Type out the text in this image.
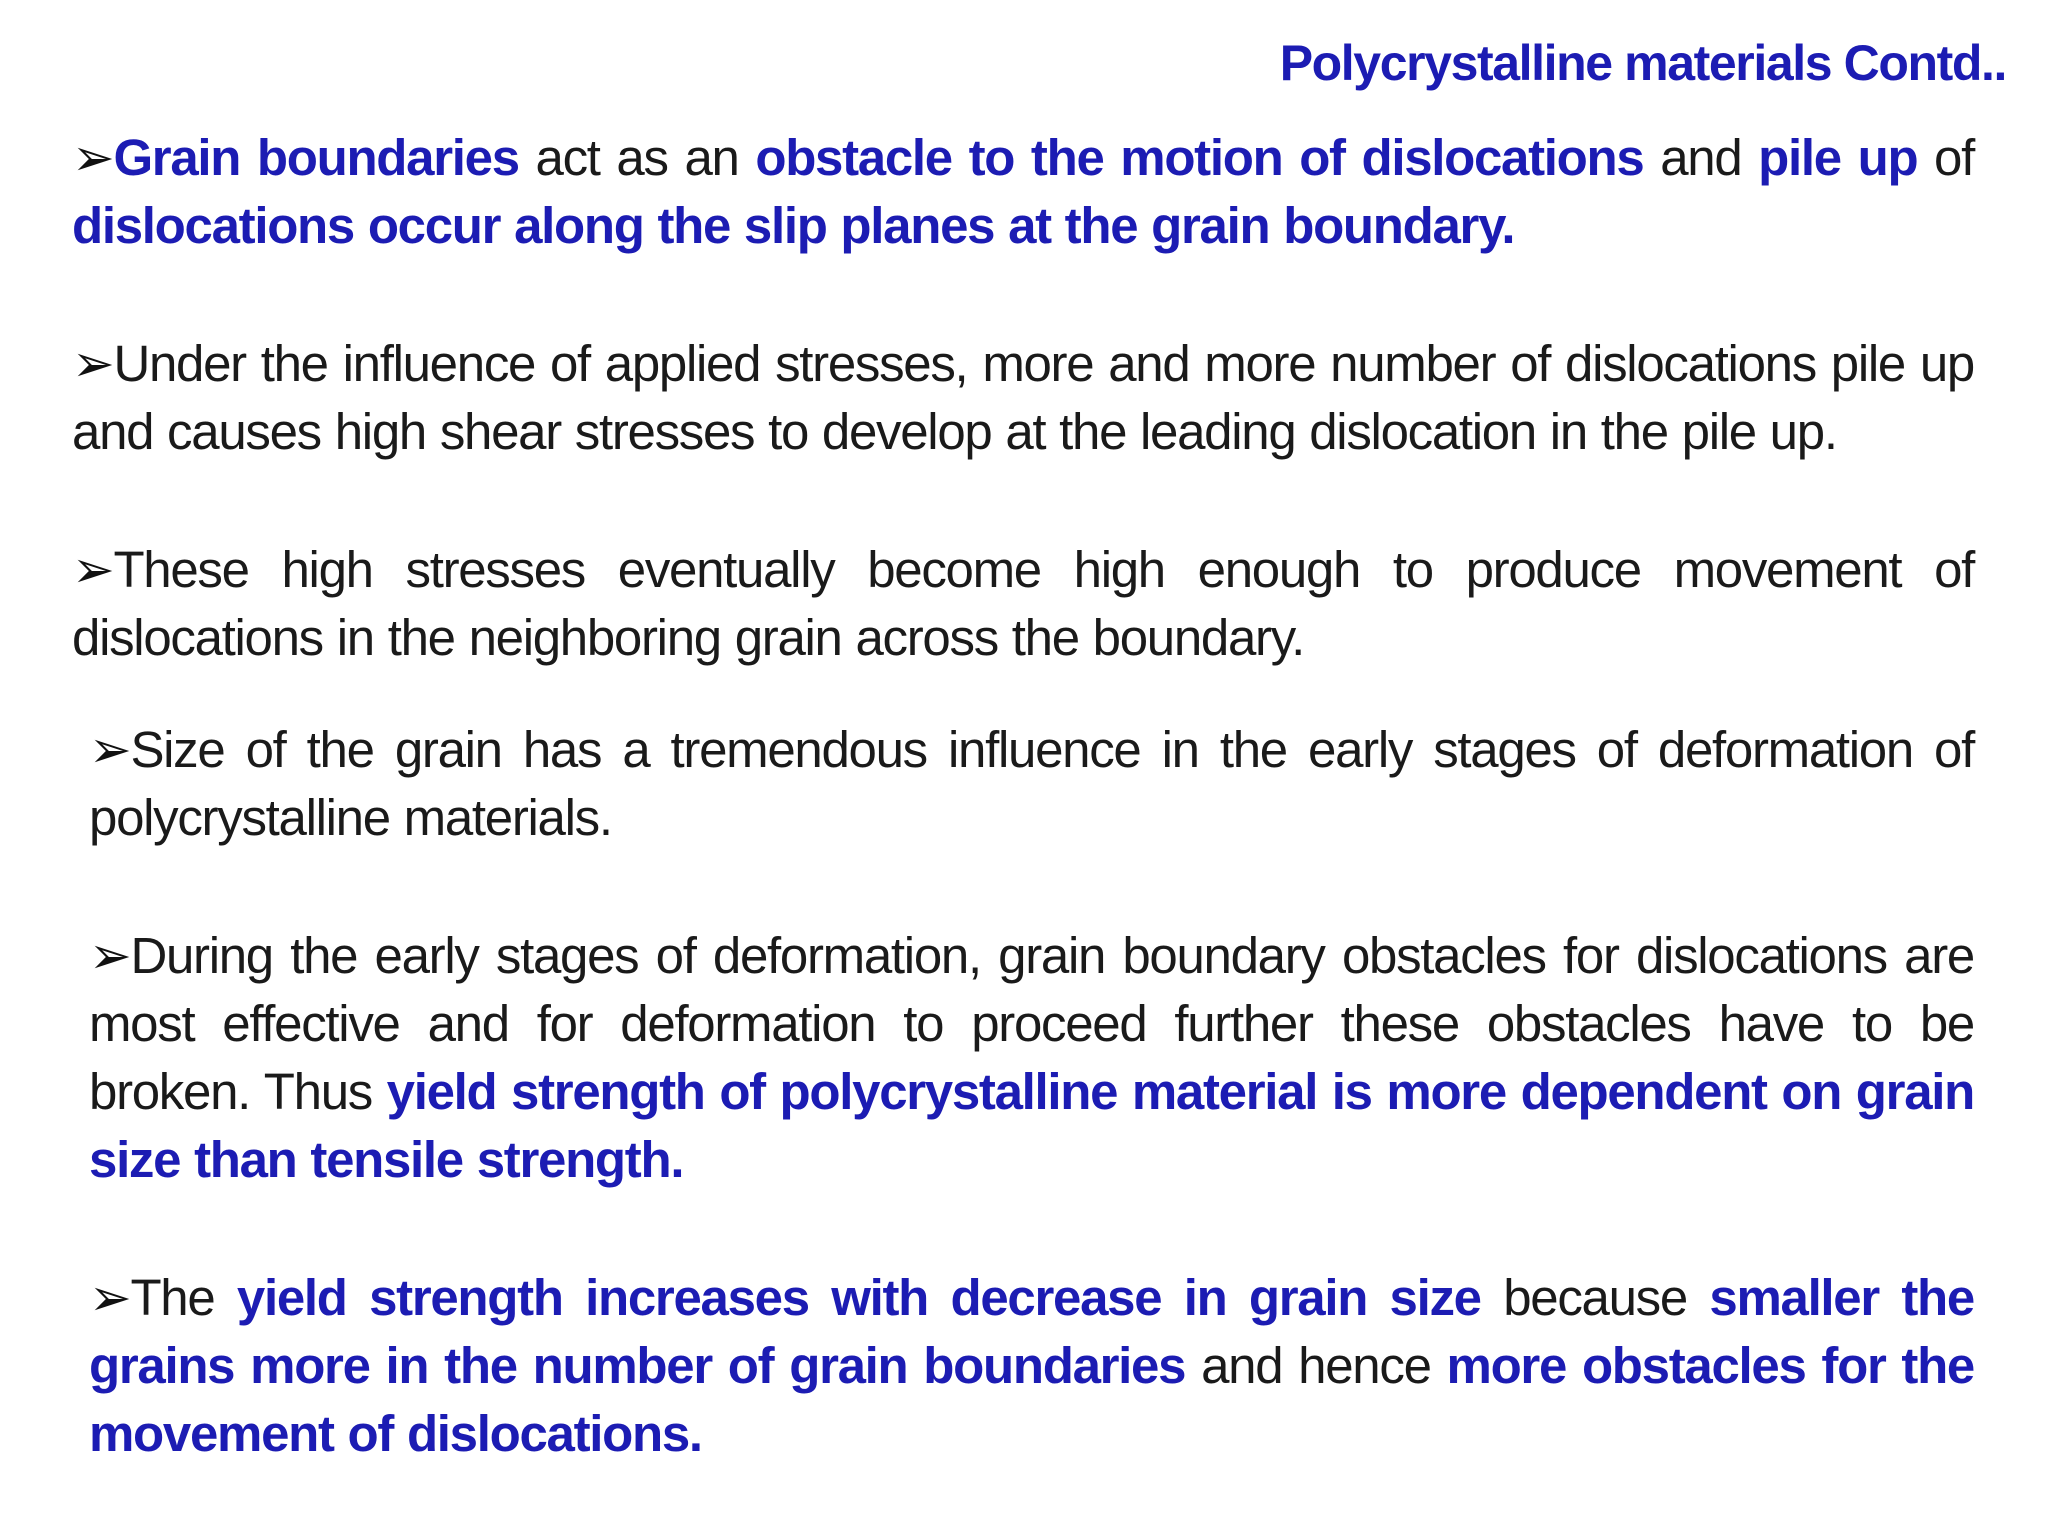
Polycrystalline materials Contd..
➢Grain boundaries act as an obstacle to the motion of dislocations and pile up of dislocations occur along the slip planes at the grain boundary.
➢Under the influence of applied stresses, more and more number of dislocations pile up and causes high shear stresses to develop at the leading dislocation in the pile up.
➢These high stresses eventually become high enough to produce movement of dislocations in the neighboring grain across the boundary.
➢Size of the grain has a tremendous influence in the early stages of deformation of polycrystalline materials.
➢During the early stages of deformation, grain boundary obstacles for dislocations are most effective and for deformation to proceed further these obstacles have to be broken. Thus yield strength of polycrystalline material is more dependent on grain size than tensile strength.
➢The yield strength increases with decrease in grain size because smaller the grains more in the number of grain boundaries and hence more obstacles for the movement of dislocations.
